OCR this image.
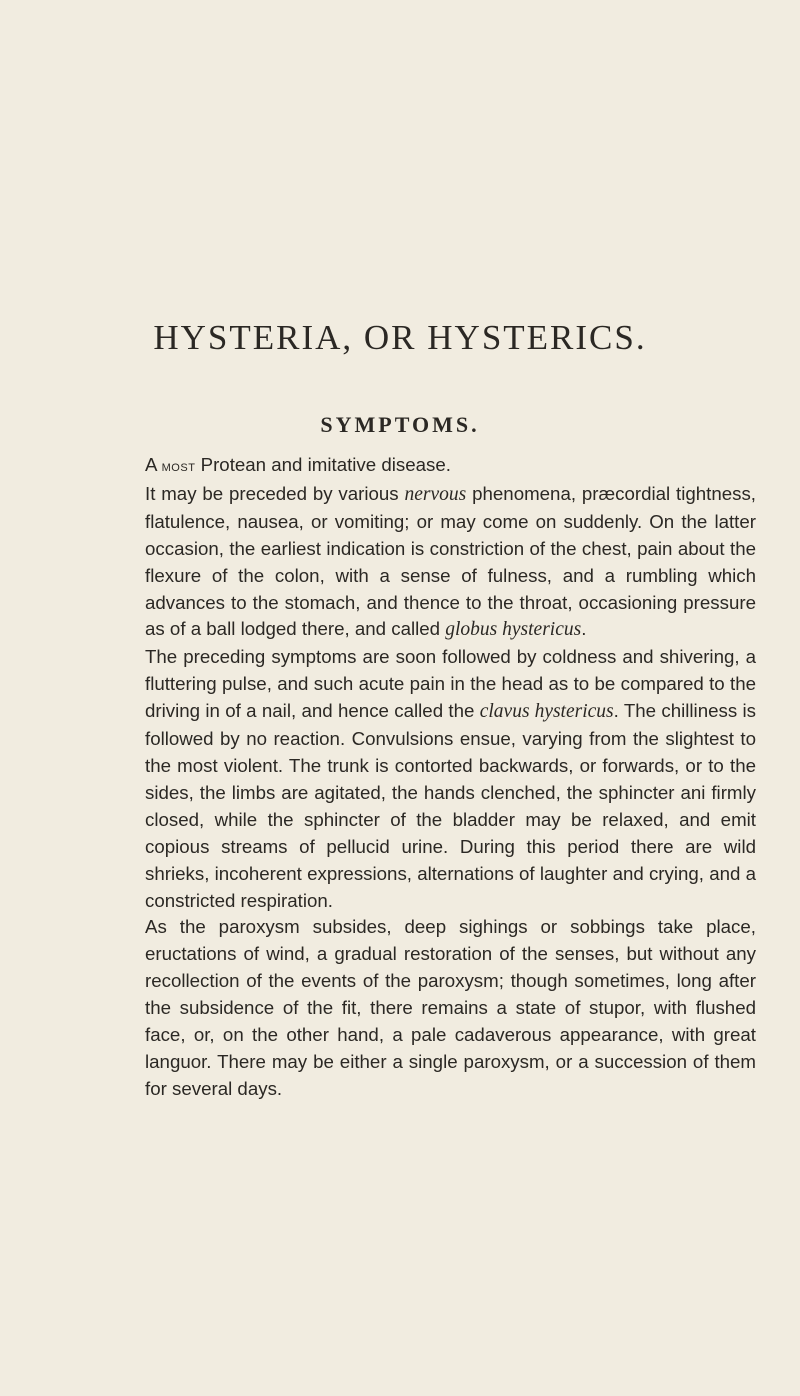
HYSTERIA, OR HYSTERICS.
SYMPTOMS.

A most Protean and imitative disease.

It may be preceded by various nervous phenomena, præcordial tightness, flatulence, nausea, or vomiting; or may come on suddenly. On the latter occasion, the earliest indication is constriction of the chest, pain about the flexure of the colon, with a sense of fulness, and a rumbling which advances to the stomach, and thence to the throat, occasioning pressure as of a ball lodged there, and called globus hystericus.

The preceding symptoms are soon followed by coldness and shivering, a fluttering pulse, and such acute pain in the head as to be compared to the driving in of a nail, and hence called the clavus hystericus. The chilliness is followed by no reaction. Convulsions ensue, varying from the slightest to the most violent. The trunk is contorted backwards, or forwards, or to the sides, the limbs are agitated, the hands clenched, the sphincter ani firmly closed, while the sphincter of the bladder may be relaxed, and emit copious streams of pellucid urine. During this period there are wild shrieks, incoherent expressions, alternations of laughter and crying, and a constricted respiration.

As the paroxysm subsides, deep sighings or sobbings take place, eructations of wind, a gradual restoration of the senses, but without any recollection of the events of the paroxysm; though sometimes, long after the subsidence of the fit, there remains a state of stupor, with flushed face, or, on the other hand, a pale cadaverous appearance, with great languor. There may be either a single paroxysm, or a succession of them for several days.
